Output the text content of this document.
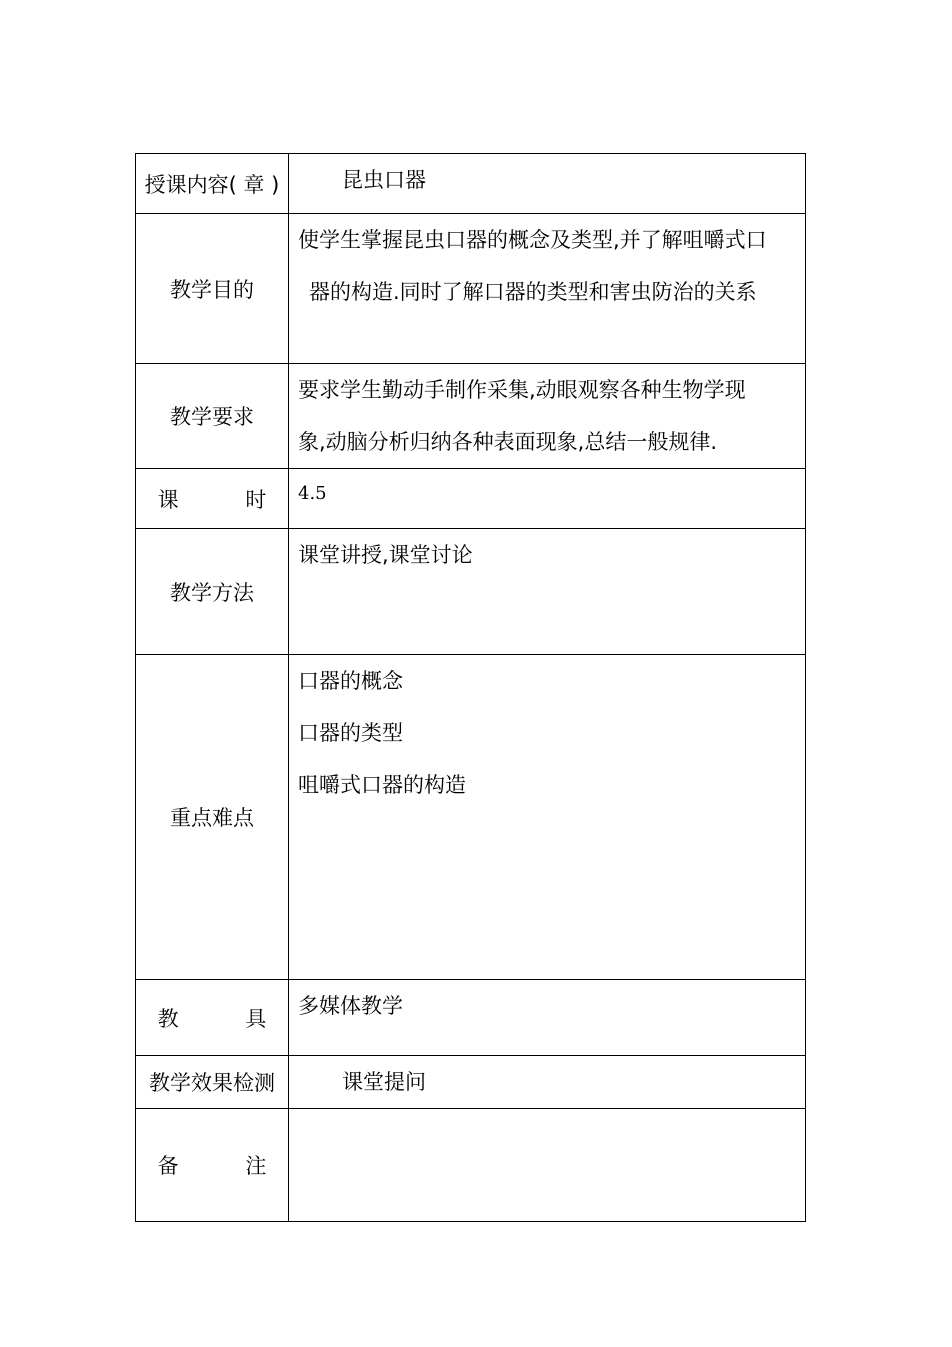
授课内容( 章 )	昆虫口器

教学目的	使学生掌握昆虫口器的概念及类型,并了解咀嚼式口
器的构造.同时了解口器的类型和害虫防治的关系

教学要求	要求学生勤动手制作采集,动眼观察各种生物学现
象,动脑分析归纳各种表面现象,总结一般规律.

课 时	4.5

教学方法	课堂讲授,课堂讨论

重点难点	口器的概念
口器的类型
咀嚼式口器的构造

教 具	多媒体教学

教学效果检测	课堂提问

备 注	
